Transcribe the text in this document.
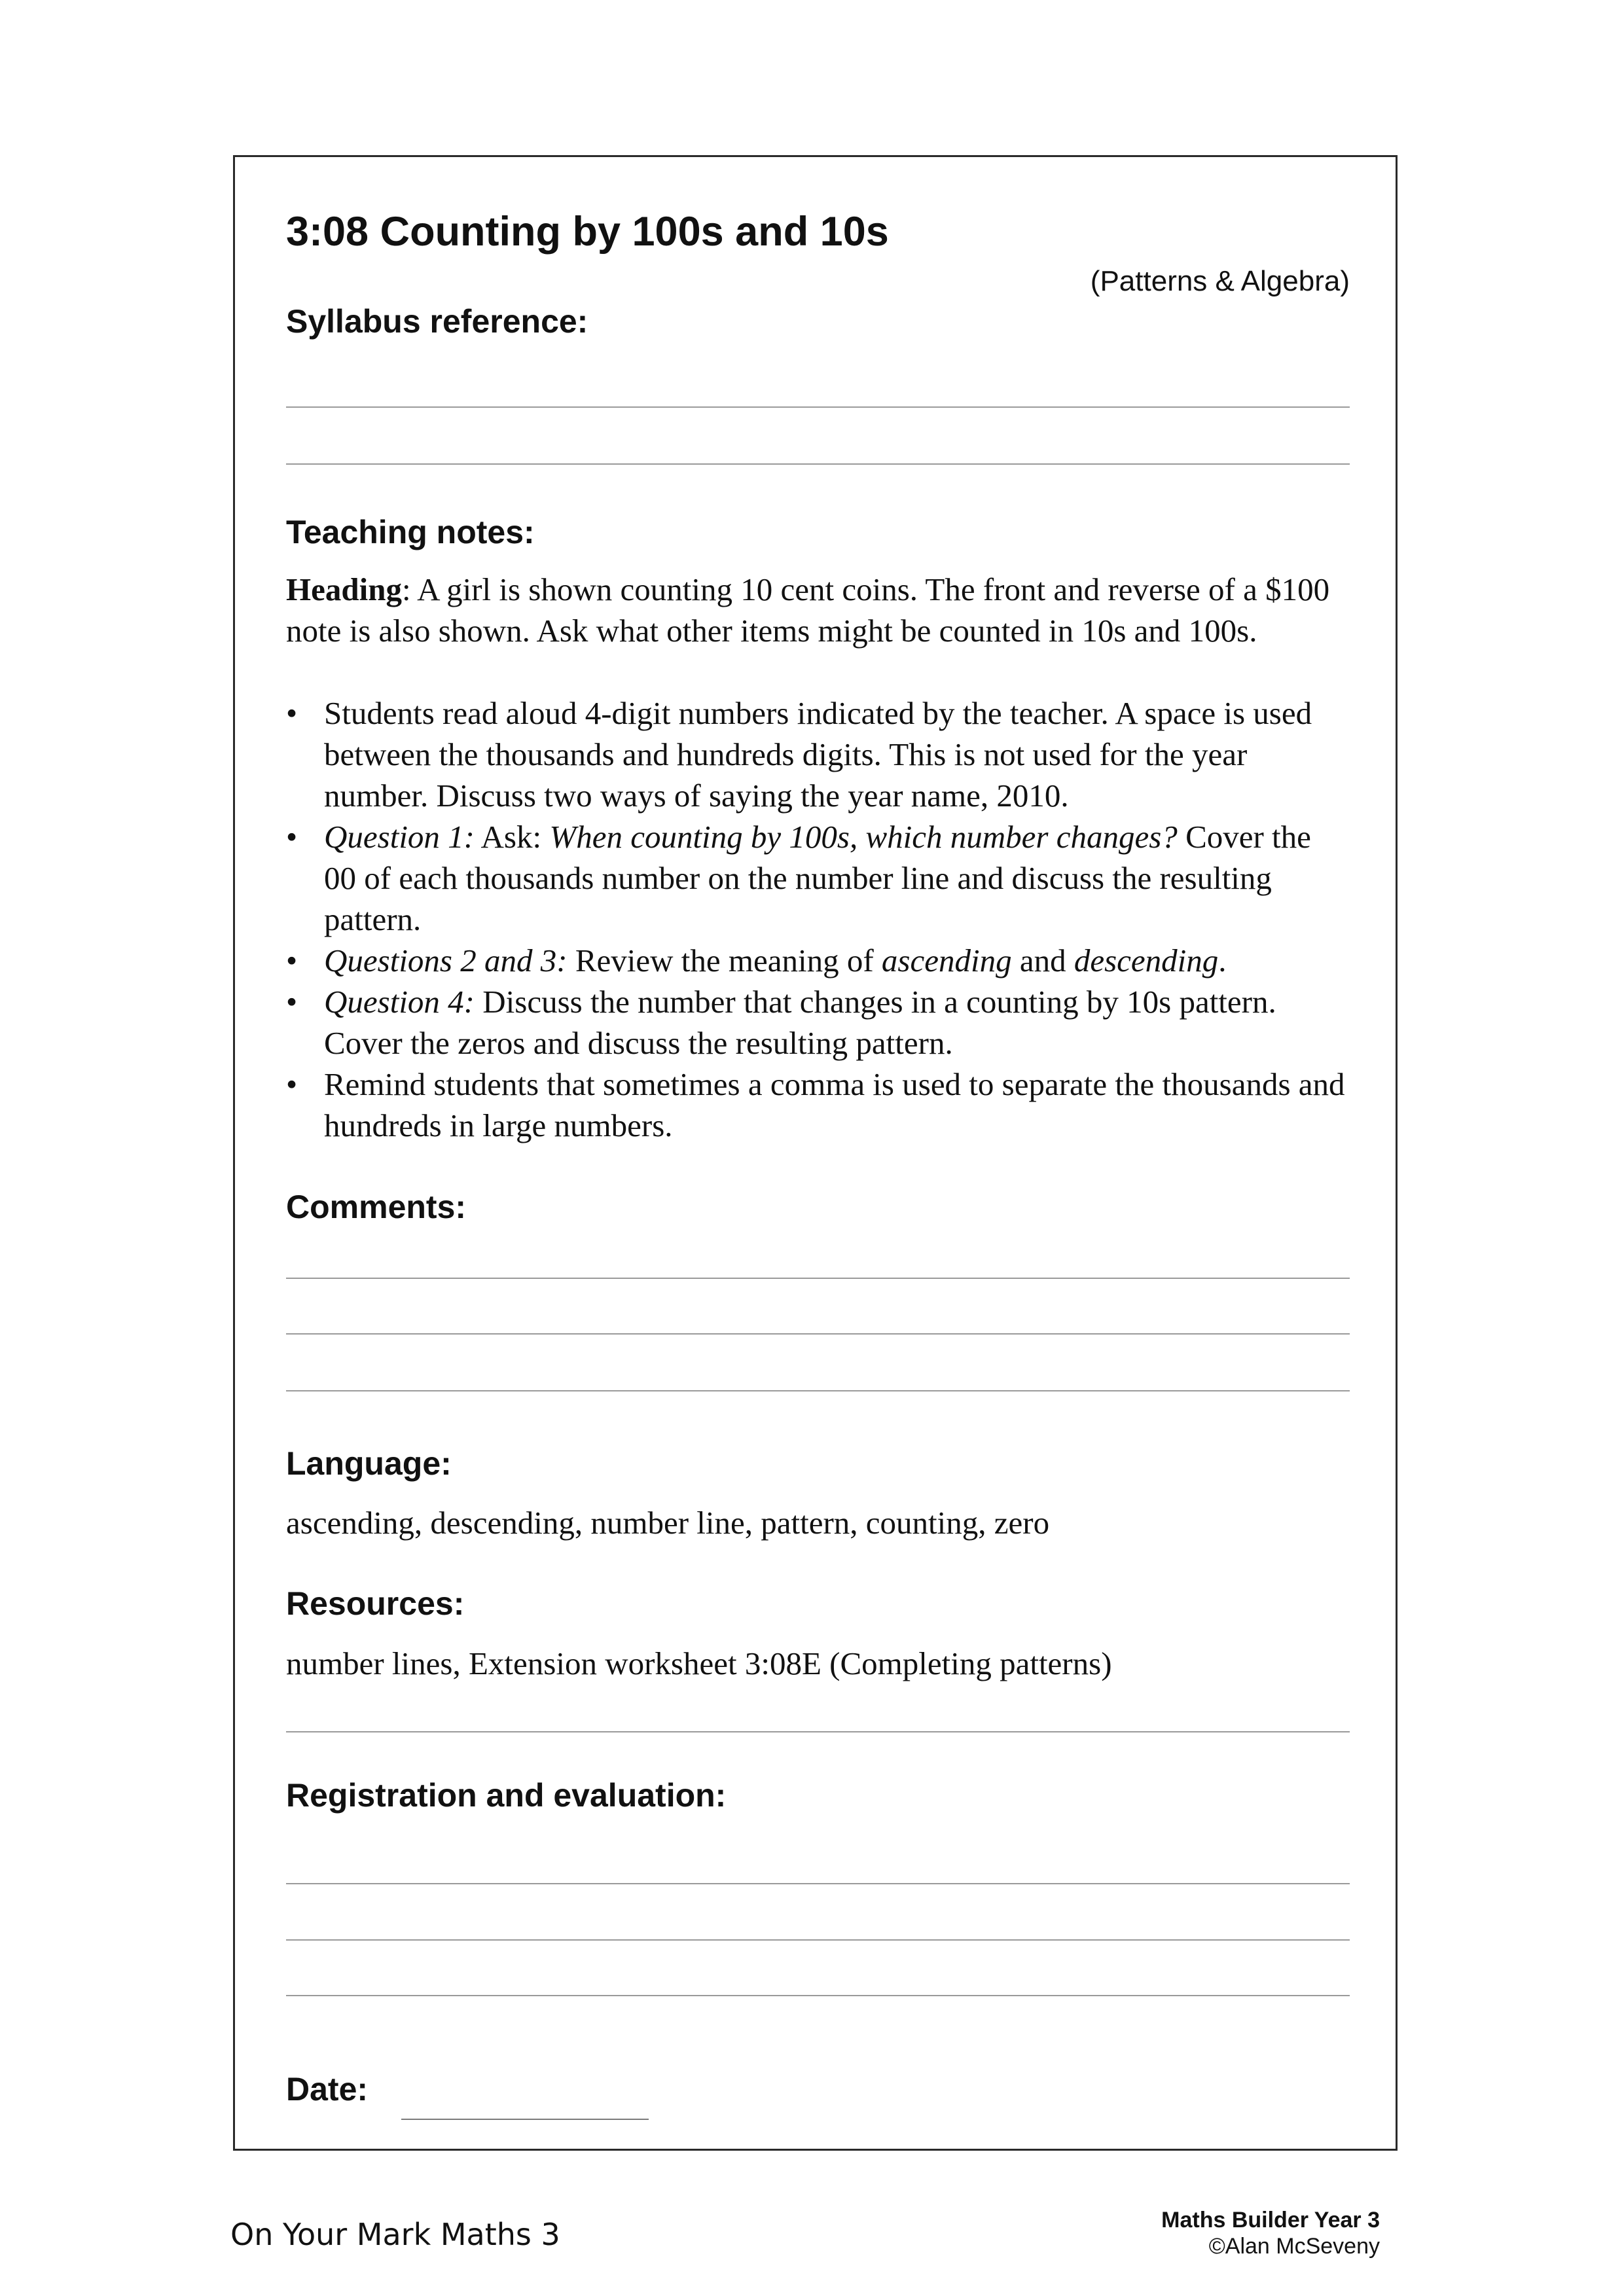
3:08 Counting by 100s and 10s
(Patterns & Algebra)
Syllabus reference:
Teaching notes:

Heading: A girl is shown counting 10 cent coins. The front and reverse of a $100 note is also shown. Ask what other items might be counted in 10s and 100s.

• Students read aloud 4-digit numbers indicated by the teacher. A space is used between the thousands and hundreds digits. This is not used for the year number. Discuss two ways of saying the year name, 2010.
• Question 1: Ask: When counting by 100s, which number changes? Cover the 00 of each thousands number on the number line and discuss the resulting pattern.
• Questions 2 and 3: Review the meaning of ascending and descending.
• Question 4: Discuss the number that changes in a counting by 10s pattern. Cover the zeros and discuss the resulting pattern.
• Remind students that sometimes a comma is used to separate the thousands and hundreds in large numbers.
Comments:
Language:

ascending, descending, number line, pattern, counting, zero

Resources:

number lines, Extension worksheet 3:08E (Completing patterns)

Registration and evaluation:
Date:
On Your Mark Maths 3	Maths Builder Year 3
©Alan McSeveny
